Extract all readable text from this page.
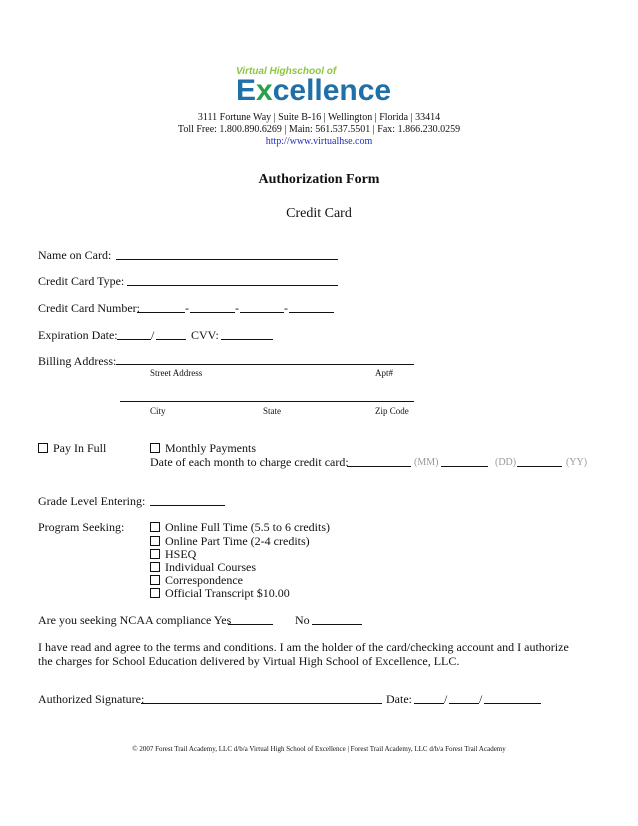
Virtual Highschool of
Excellence
3111 Fortune Way | Suite B-16 | Wellington | Florida | 33414
Toll Free: 1.800.890.6269 | Main: 561.537.5501 | Fax: 1.866.230.0259
http://www.virtualhse.com
Authorization Form
Credit Card
Name on Card:
Credit Card Type:
Credit Card Number:	-	-	-
Expiration Date:	/	CVV:
Billing Address:
Street Address	Apt#
City	State	Zip Code
Pay In Full	Monthly Payments
Date of each month to charge credit card:	(MM)	(DD)	(YY)
Grade Level Entering:
Program Seeking:	Online Full Time (5.5 to 6 credits)
Online Part Time (2-4 credits)
HSEQ
Individual Courses
Correspondence
Official Transcript $10.00
Are you seeking NCAA compliance Yes	No
I have read and agree to the terms and conditions. I am the holder of the card/checking account and I authorize the charges for School Education delivered by Virtual High School of Excellence, LLC.
Authorized Signature:	Date:	/	/
© 2007 Forest Trail Academy, LLC d/b/a Virtual High School of Excellence | Forest Trail Academy, LLC d/b/a Forest Trail Academy
